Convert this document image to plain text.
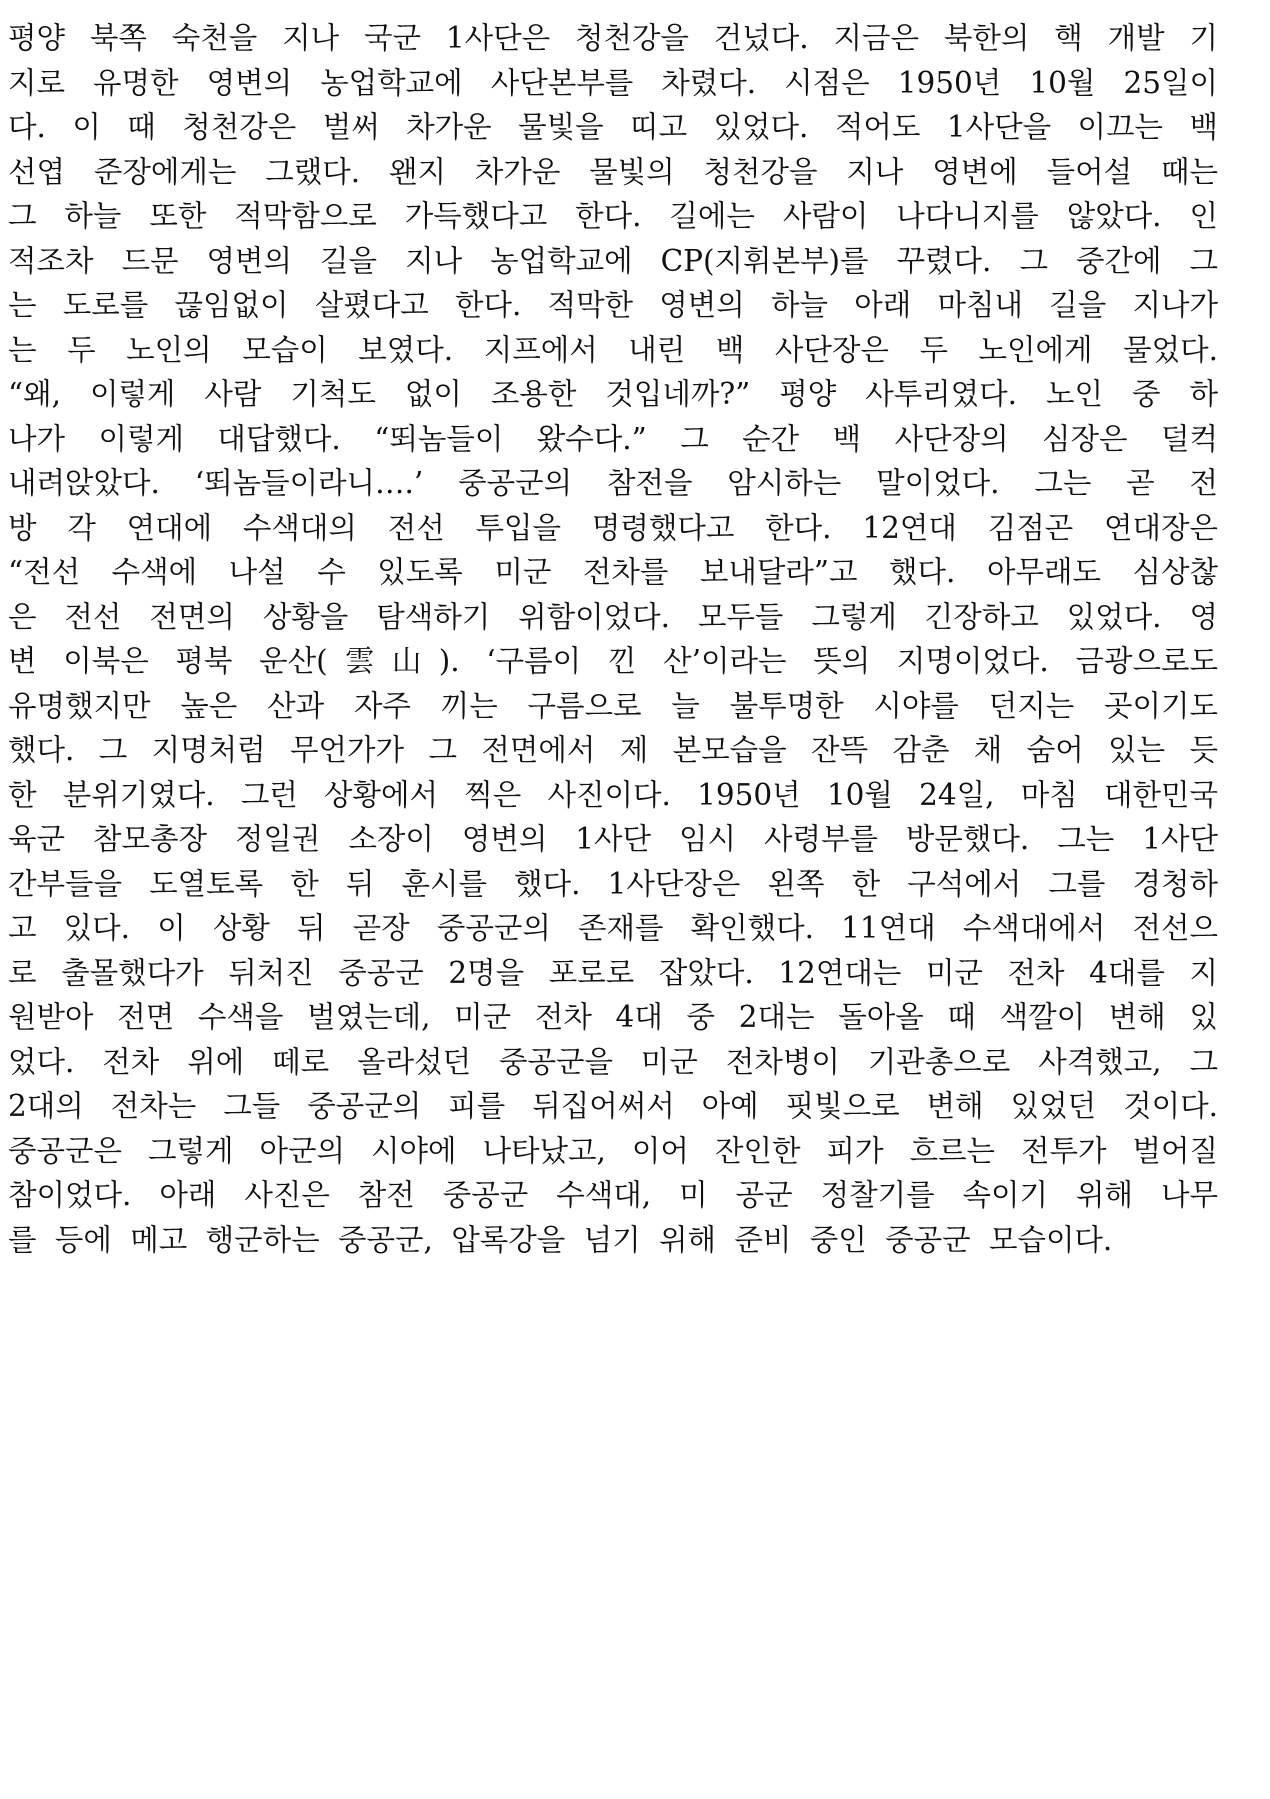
평양 북쪽 숙천을 지나 국군 1사단은 청천강을 건넜다. 지금은 북한의 핵 개발 기
지로 유명한 영변의 농업학교에 사단본부를 차렸다. 시점은 1950년 10월 25일이
다. 이 때 청천강은 벌써 차가운 물빛을 띠고 있었다. 적어도 1사단을 이끄는 백
선엽 준장에게는 그랬다. 왠지 차가운 물빛의 청천강을 지나 영변에 들어설 때는
그 하늘 또한 적막함으로 가득했다고 한다. 길에는 사람이 나다니지를 않았다. 인
적조차 드문 영변의 길을 지나 농업학교에 CP(지휘본부)를 꾸렸다. 그 중간에 그
는 도로를 끊임없이 살폈다고 한다. 적막한 영변의 하늘 아래 마침내 길을 지나가
는 두 노인의 모습이 보였다. 지프에서 내린 백 사단장은 두 노인에게 물었다.
“왜, 이렇게 사람 기척도 없이 조용한 것입네까?” 평양 사투리였다. 노인 중 하
나가 이렇게 대답했다. “뙤놈들이 왔수다.” 그 순간 백 사단장의 심장은 덜컥
내려앉았다. ‘뙤놈들이라니….’ 중공군의 참전을 암시하는 말이었다. 그는 곧 전
방 각 연대에 수색대의 전선 투입을 명령했다고 한다. 12연대 김점곤 연대장은
“전선 수색에 나설 수 있도록 미군 전차를 보내달라”고 했다. 아무래도 심상찮
은 전선 전면의 상황을 탐색하기 위함이었다. 모두들 그렇게 긴장하고 있었다. 영
변 이북은 평북 운산(雲山). ‘구름이 낀 산’이라는 뜻의 지명이었다. 금광으로도
유명했지만 높은 산과 자주 끼는 구름으로 늘 불투명한 시야를 던지는 곳이기도
했다. 그 지명처럼 무언가가 그 전면에서 제 본모습을 잔뜩 감춘 채 숨어 있는 듯
한 분위기였다. 그런 상황에서 찍은 사진이다. 1950년 10월 24일, 마침 대한민국
육군 참모총장 정일권 소장이 영변의 1사단 임시 사령부를 방문했다. 그는 1사단
간부들을 도열토록 한 뒤 훈시를 했다. 1사단장은 왼쪽 한 구석에서 그를 경청하
고 있다. 이 상황 뒤 곧장 중공군의 존재를 확인했다. 11연대 수색대에서 전선으
로 출몰했다가 뒤처진 중공군 2명을 포로로 잡았다. 12연대는 미군 전차 4대를 지
원받아 전면 수색을 벌였는데, 미군 전차 4대 중 2대는 돌아올 때 색깔이 변해 있
었다. 전차 위에 떼로 올라섰던 중공군을 미군 전차병이 기관총으로 사격했고, 그
2대의 전차는 그들 중공군의 피를 뒤집어써서 아예 핏빛으로 변해 있었던 것이다.
중공군은 그렇게 아군의 시야에 나타났고, 이어 잔인한 피가 흐르는 전투가 벌어질
참이었다. 아래 사진은 참전 중공군 수색대, 미 공군 정찰기를 속이기 위해 나무
를 등에 메고 행군하는 중공군, 압록강을 넘기 위해 준비 중인 중공군 모습이다.
